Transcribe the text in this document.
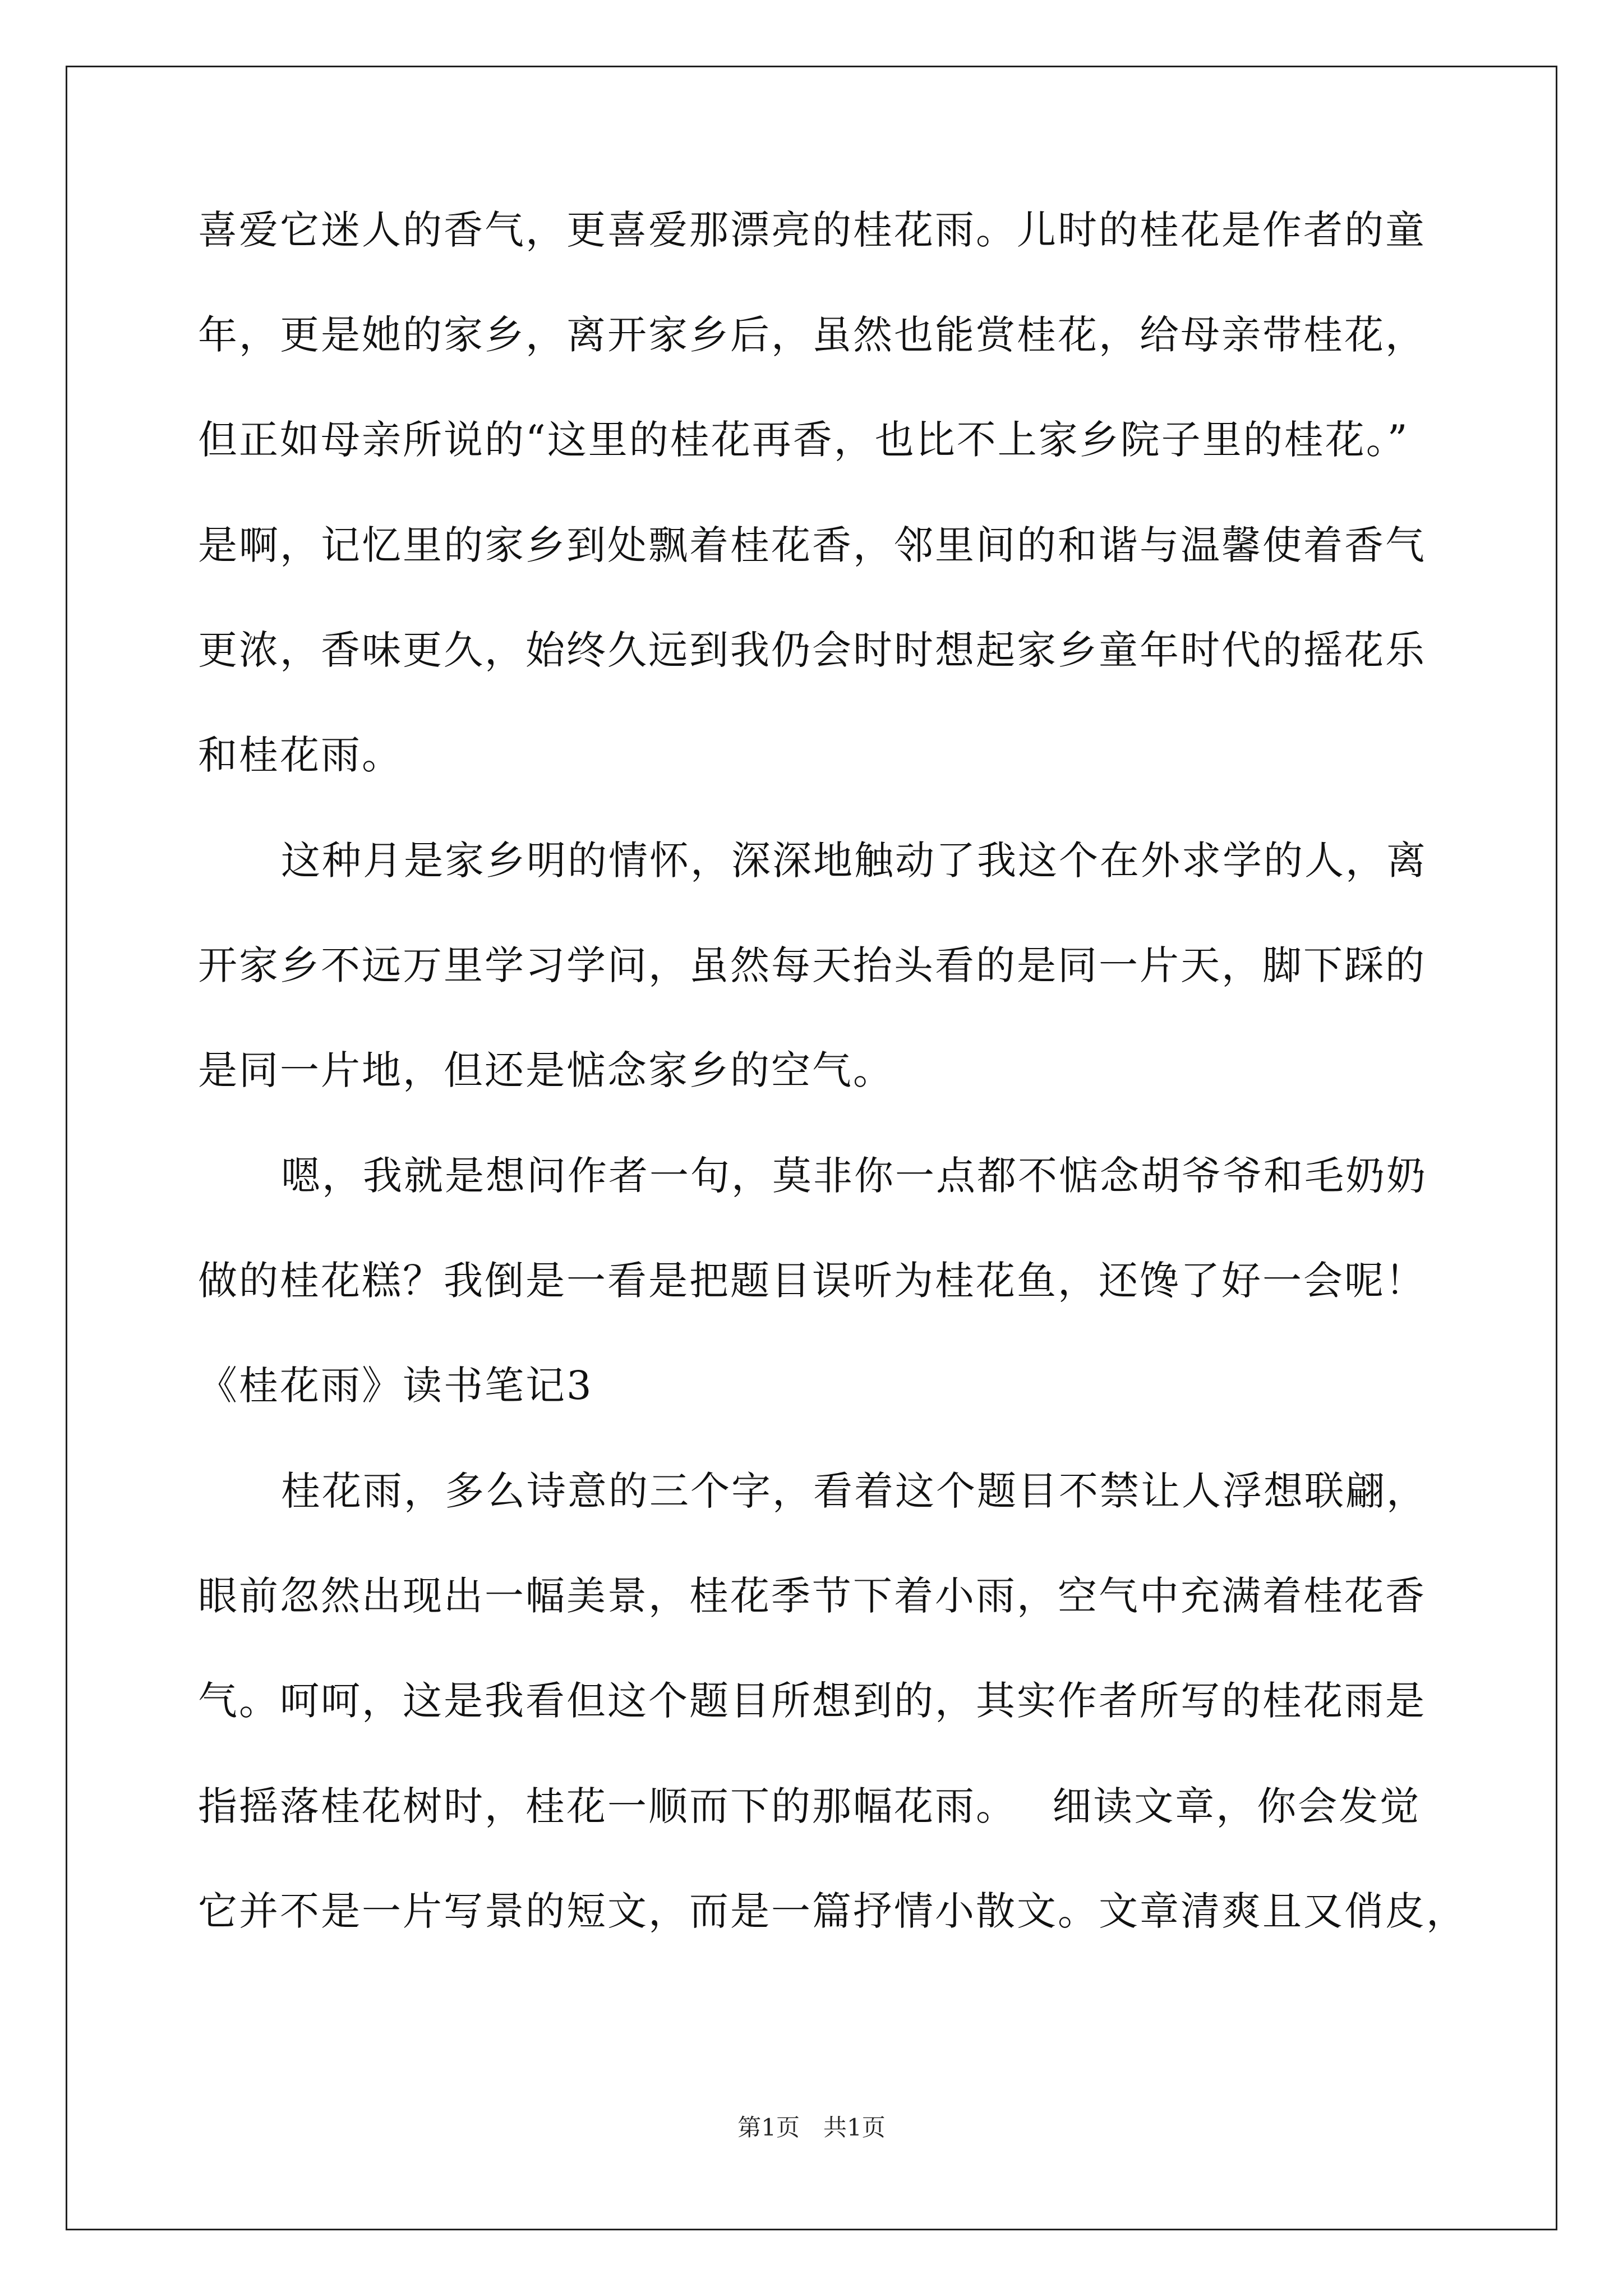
喜爱它迷人的香气，更喜爱那漂亮的桂花雨。儿时的桂花是作者的童
年，更是她的家乡，离开家乡后，虽然也能赏桂花，给母亲带桂花，
但正如母亲所说的“这里的桂花再香，也比不上家乡院子里的桂花。”
是啊，记忆里的家乡到处飘着桂花香，邻里间的和谐与温馨使着香气
更浓，香味更久，始终久远到我仍会时时想起家乡童年时代的摇花乐
和桂花雨。
这种月是家乡明的情怀，深深地触动了我这个在外求学的人，离
开家乡不远万里学习学问，虽然每天抬头看的是同一片天，脚下踩的
是同一片地，但还是惦念家乡的空气。
嗯，我就是想问作者一句，莫非你一点都不惦念胡爷爷和毛奶奶
做的桂花糕？我倒是一看是把题目误听为桂花鱼，还馋了好一会呢！
《桂花雨》读书笔记3
桂花雨，多么诗意的三个字，看着这个题目不禁让人浮想联翩，
眼前忽然出现出一幅美景，桂花季节下着小雨，空气中充满着桂花香
气。呵呵，这是我看但这个题目所想到的，其实作者所写的桂花雨是
指摇落桂花树时，桂花一顺而下的那幅花雨。　 细读文章，你会发觉
它并不是一片写景的短文，而是一篇抒情小散文。文章清爽且又俏皮，
第1页　共1页
